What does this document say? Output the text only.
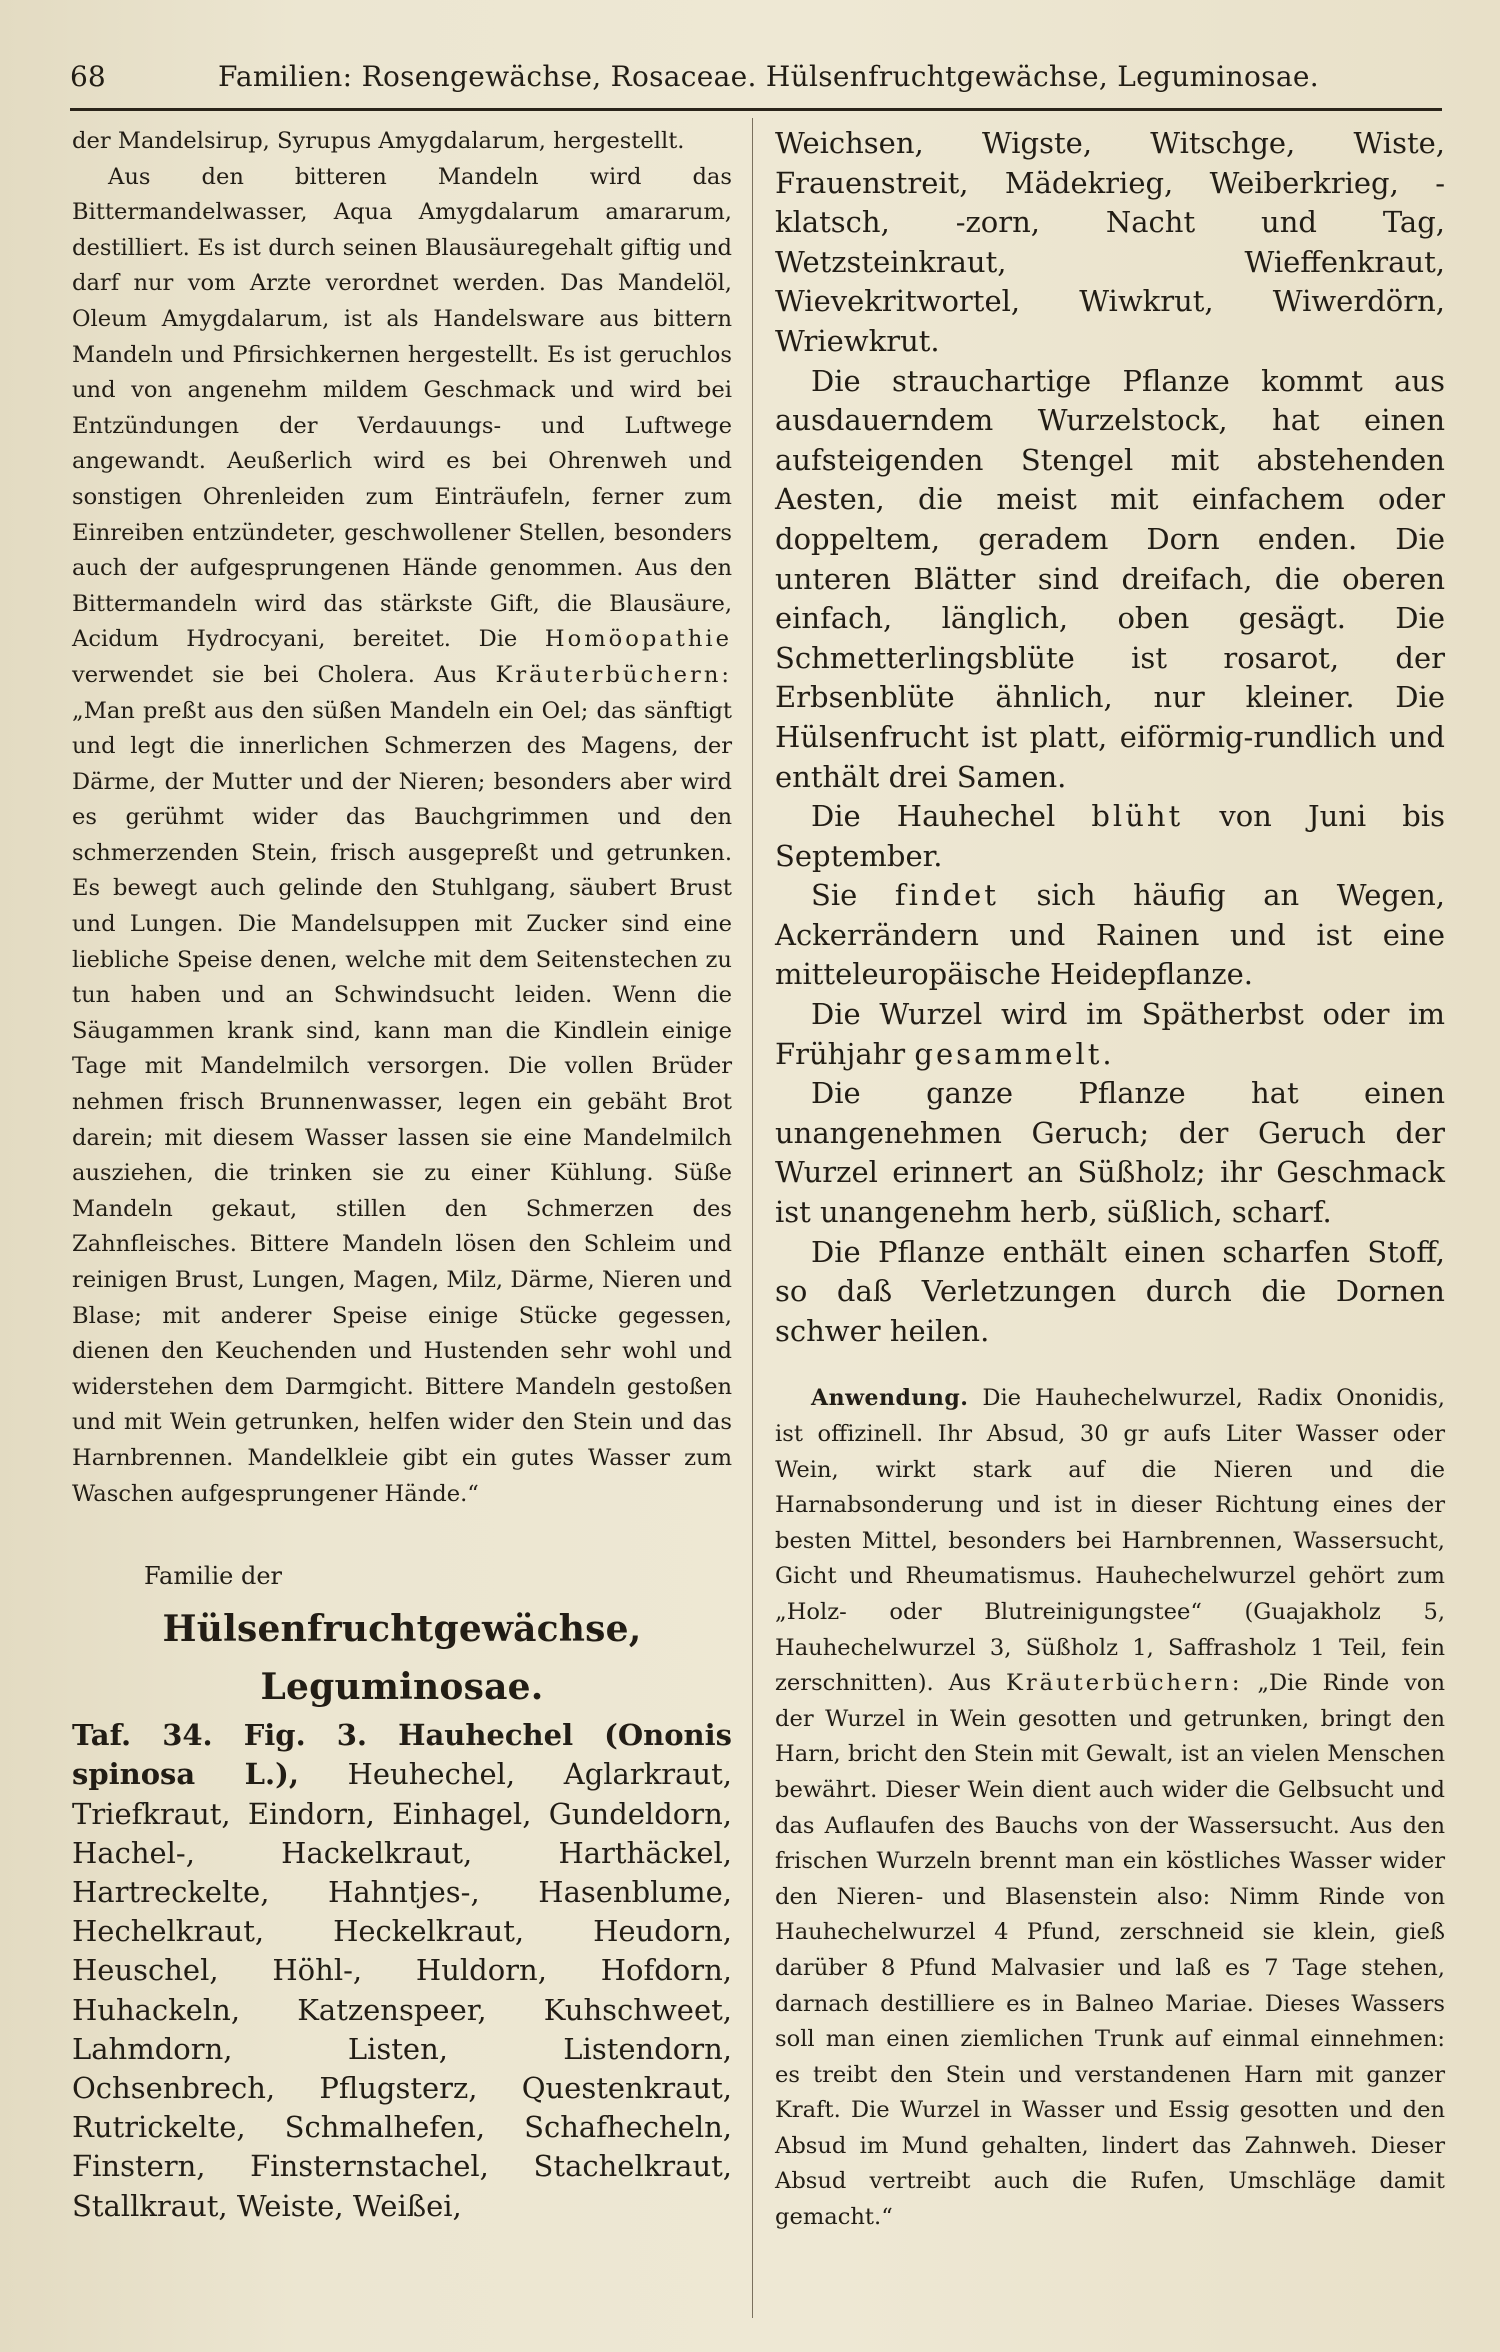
68	Familien: Rosengewächse, Rosaceae. Hülsenfruchtgewächse, Leguminosae.

der Mandelsirup, Syrupus Amygdalarum, hergestellt.

Aus den bitteren Mandeln wird das Bittermandelwasser, Aqua Amygdalarum amararum, destilliert. Es ist durch seinen Blausäuregehalt giftig und darf nur vom Arzte verordnet werden. Das Mandelöl, Oleum Amygdalarum, ist als Handelsware aus bittern Mandeln und Pfirsichkernen hergestellt. Es ist geruchlos und von angenehm mildem Geschmack und wird bei Entzündungen der Verdauungs- und Luftwege angewandt. Aeußerlich wird es bei Ohrenweh und sonstigen Ohrenleiden zum Einträufeln, ferner zum Einreiben entzündeter, geschwollener Stellen, besonders auch der aufgesprungenen Hände genommen. Aus den Bittermandeln wird das stärkste Gift, die Blausäure, Acidum Hydrocyani, bereitet. Die Homöopathie verwendet sie bei Cholera. Aus Kräuterbüchern: „Man preßt aus den süßen Mandeln ein Oel; das sänftigt und legt die innerlichen Schmerzen des Magens, der Därme, der Mutter und der Nieren; besonders aber wird es gerühmt wider das Bauchgrimmen und den schmerzenden Stein, frisch ausgepreßt und getrunken. Es bewegt auch gelinde den Stuhlgang, säubert Brust und Lungen. Die Mandelsuppen mit Zucker sind eine liebliche Speise denen, welche mit dem Seitenstechen zu tun haben und an Schwindsucht leiden. Wenn die Säugammen krank sind, kann man die Kindlein einige Tage mit Mandelmilch versorgen. Die vollen Brüder nehmen frisch Brunnenwasser, legen ein gebäht Brot darein; mit diesem Wasser lassen sie eine Mandelmilch ausziehen, die trinken sie zu einer Kühlung. Süße Mandeln gekaut, stillen den Schmerzen des Zahnfleisches. Bittere Mandeln lösen den Schleim und reinigen Brust, Lungen, Magen, Milz, Därme, Nieren und Blase; mit anderer Speise einige Stücke gegessen, dienen den Keuchenden und Hustenden sehr wohl und widerstehen dem Darmgicht. Bittere Mandeln gestoßen und mit Wein getrunken, helfen wider den Stein und das Harnbrennen. Mandelkleie gibt ein gutes Wasser zum Waschen aufgesprungener Hände.“

Familie der
Hülsenfruchtgewächse, Leguminosae.

Taf. 34. Fig. 3. Hauhechel (Ononis spinosa L.), Heuhechel, Aglarkraut, Triefkraut, Eindorn, Einhagel, Gundeldorn, Hachel-, Hackelkraut, Harthäckel, Hartreckelte, Hahntjes-, Hasenblume, Hechelkraut, Heckelkraut, Heudorn, Heuschel, Höhl-, Huldorn, Hofdorn, Huhackeln, Katzenspeer, Kuhschweet, Lahmdorn, Listen, Listendorn, Ochsenbrech, Pflugsterz, Questenkraut, Rutrickelte, Schmalhefen, Schafhecheln, Finstern, Finsternstachel, Stachelkraut, Stallkraut, Weiste, Weißei,

Weichsen, Wigste, Witschge, Wiste, Frauenstreit, Mädekrieg, Weiberkrieg, -klatsch, -zorn, Nacht und Tag, Wetzsteinkraut, Wieffenkraut, Wievekritwortel, Wiwkrut, Wiwerdörn, Wriewkrut.

Die strauchartige Pflanze kommt aus ausdauerndem Wurzelstock, hat einen aufsteigenden Stengel mit abstehenden Aesten, die meist mit einfachem oder doppeltem, geradem Dorn enden. Die unteren Blätter sind dreifach, die oberen einfach, länglich, oben gesägt. Die Schmetterlingsblüte ist rosarot, der Erbsenblüte ähnlich, nur kleiner. Die Hülsenfrucht ist platt, eiförmig-rundlich und enthält drei Samen.

Die Hauhechel blüht von Juni bis September.

Sie findet sich häufig an Wegen, Ackerrändern und Rainen und ist eine mitteleuropäische Heidepflanze.

Die Wurzel wird im Spätherbst oder im Frühjahr gesammelt.

Die ganze Pflanze hat einen unangenehmen Geruch; der Geruch der Wurzel erinnert an Süßholz; ihr Geschmack ist unangenehm herb, süßlich, scharf.

Die Pflanze enthält einen scharfen Stoff, so daß Verletzungen durch die Dornen schwer heilen.

Anwendung. Die Hauhechelwurzel, Radix Ononidis, ist offizinell. Ihr Absud, 30 gr aufs Liter Wasser oder Wein, wirkt stark auf die Nieren und die Harnabsonderung und ist in dieser Richtung eines der besten Mittel, besonders bei Harnbrennen, Wassersucht, Gicht und Rheumatismus. Hauhechelwurzel gehört zum „Holz- oder Blutreinigungstee“ (Guajakholz 5, Hauhechelwurzel 3, Süßholz 1, Saffrasholz 1 Teil, fein zerschnitten). Aus Kräuterbüchern: „Die Rinde von der Wurzel in Wein gesotten und getrunken, bringt den Harn, bricht den Stein mit Gewalt, ist an vielen Menschen bewährt. Dieser Wein dient auch wider die Gelbsucht und das Auflaufen des Bauchs von der Wassersucht. Aus den frischen Wurzeln brennt man ein köstliches Wasser wider den Nieren- und Blasenstein also: Nimm Rinde von Hauhechelwurzel 4 Pfund, zerschneid sie klein, gieß darüber 8 Pfund Malvasier und laß es 7 Tage stehen, darnach destilliere es in Balneo Mariae. Dieses Wassers soll man einen ziemlichen Trunk auf einmal einnehmen: es treibt den Stein und verstandenen Harn mit ganzer Kraft. Die Wurzel in Wasser und Essig gesotten und den Absud im Mund gehalten, lindert das Zahnweh. Dieser Absud vertreibt auch die Rufen, Umschläge damit gemacht.“
